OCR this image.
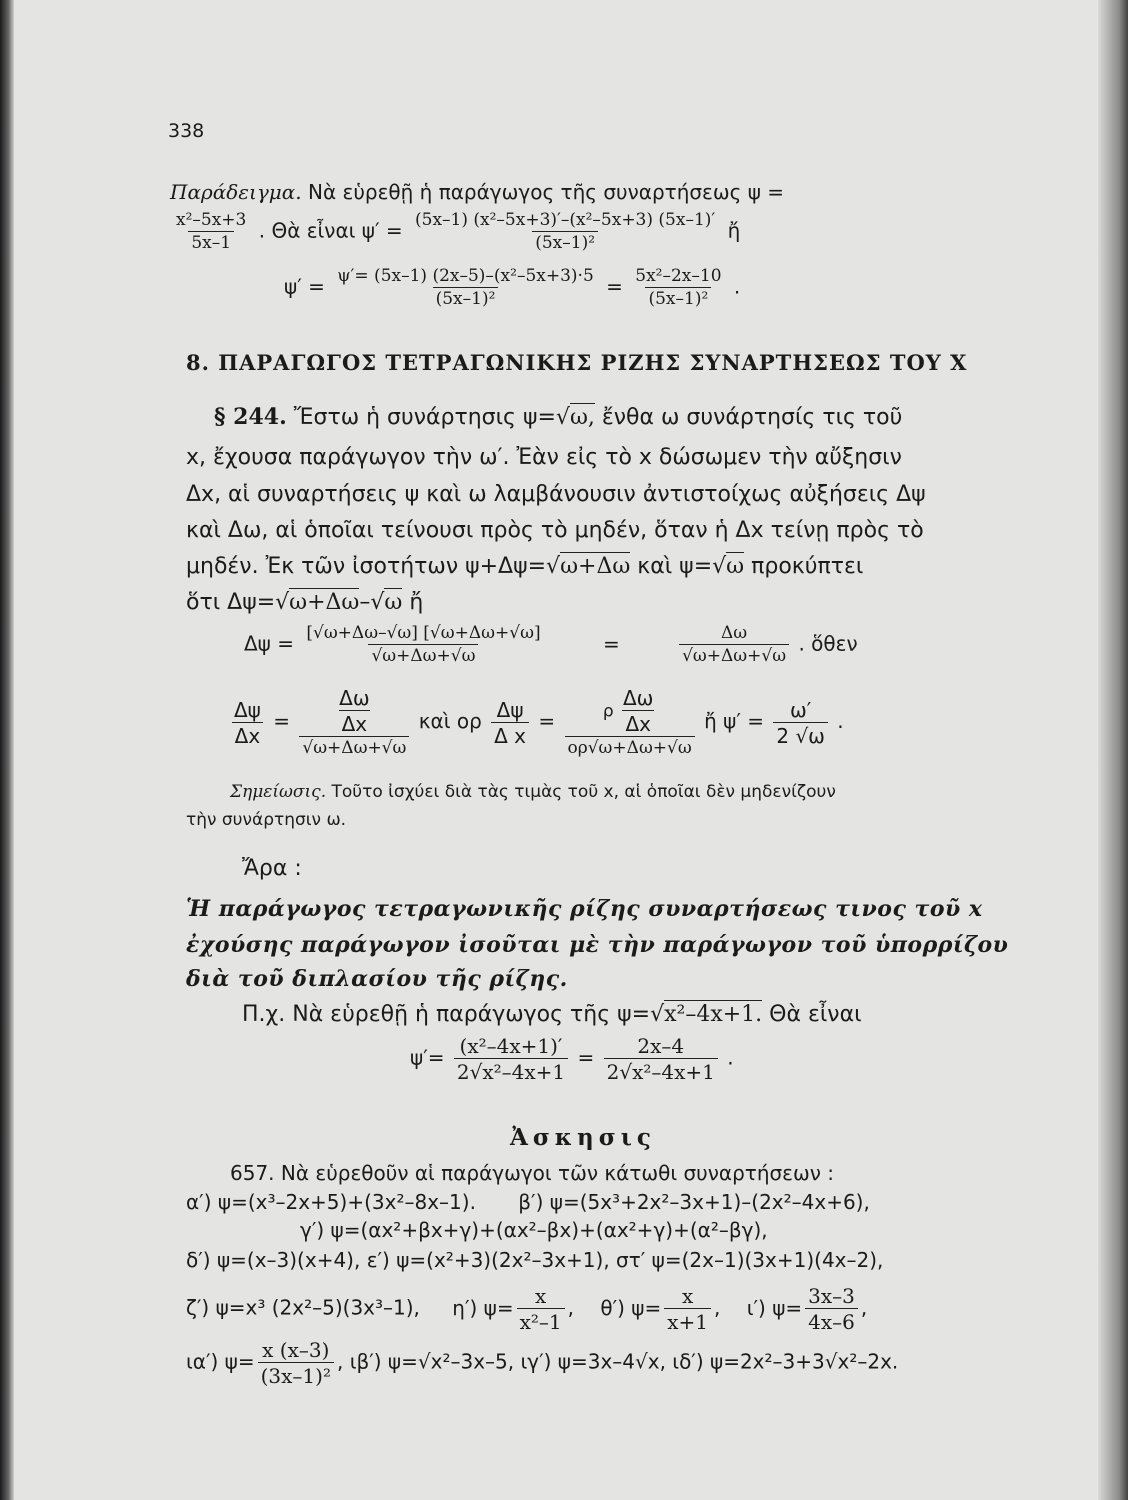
338
Παράδειγμα. Νὰ εὑρεθῇ ἡ παράγωγος τῆς συναρτήσεως ψ =
$\frac{\text{x²–5x+3}}{5x-1}$ . Θὰ εἶναι $\psi' = \frac{\text{(5x–1) (x²–5x+3)′–(x²–5x+3) (5x–1)′}}{\text{(5x–1)²}}$ ἤ
$\psi' = \frac{\text{ψ′= (5x–1) (2x–5)–(x²–5x+3)·5}}{\text{(5x–1)²}} = \frac{\text{5x²–2x–10}}{\text{(5x–1)²}}$ .
8. ΠΑΡΑΓΩΓΟΣ ΤΕΤΡΑΓΩΝΙΚΗΣ ΡΙΖΗΣ ΣΥΝΑΡΤΗΣΕΩΣ ΤΟΥ Χ
§ 244. Ἔστω ἡ συνάρτησις ψ=√ω, ἔνθα ω συνάρτησίς τις τοῦ
x, ἔχουσα παράγωγον τὴν ω′. Ἐὰν εἰς τὸ x δώσωμεν τὴν αὔξησιν
Δx, αἱ συναρτήσεις ψ καὶ ω λαμβάνουσιν ἀντιστοίχως αὐξήσεις Δψ
καὶ Δω, αἱ ὁποῖαι τείνουσι πρὸς τὸ μηδέν, ὅταν ἡ Δx τείνῃ πρὸς τὸ
μηδέν. Ἐκ τῶν ἰσοτήτων ψ+Δψ=√ω+Δω καὶ ψ=√ω προκύπτει
ὅτι Δψ=√ω+Δω–√ω ἤ
$\Delta\psi = \frac{[√\omega+\Delta\omega-√\omega] [√\omega+\Delta\omega+√\omega]}{√\omega+\Delta\omega+√\omega}$	=	$\frac{\Delta\omega}{√\omega+\Delta\omega+√\omega}$ . ὅθεν
$\frac{\Delta\psi}{\Delta x} = \frac{\frac{\Delta\omega}{\Delta x}}{√\omega+\Delta\omega+√\omega}$ καὶ ορ $\frac{\Delta\psi}{\text{Δ x}} = \frac{\rho \frac{\Delta\omega}{\Delta x}}{o\rho√\omega+\Delta\omega+√\omega}$ ἤ $\psi' = \frac{\omega'}{2 √\omega}$ .
Σημείωσις. Τοῦτο ἰσχύει διὰ τὰς τιμὰς τοῦ x, αἱ ὁποῖαι δὲν μηδενίζουν
τὴν συνάρτησιν ω.
Ἄρα :
Ἡ παράγωγος τετραγωνικῆς ρίζης συναρτήσεως τινος τοῦ x
ἐχούσης παράγωγον ἰσοῦται μὲ τὴν παράγωγον τοῦ ὑπορρίζου
διὰ τοῦ διπλασίου τῆς ρίζης.
Π.χ. Νὰ εὑρεθῇ ἡ παράγωγος τῆς ψ=√x²–4x+1. Θὰ εἶναι
$\psi'= \frac{\text{(x²–4x+1)′}}{\text{2√x²–4x+1}} = \frac{2x-4}{\text{2√x²–4x+1}}$ .
Ἀσκησις
657. Νὰ εὑρεθοῦν αἱ παράγωγοι τῶν κάτωθι συναρτήσεων :
α′) ψ=(x³–2x+5)+(3x²–8x–1). β′) ψ=(5x³+2x²–3x+1)–(2x²–4x+6),
γ′) ψ=(αx²+βx+γ)+(αx²–βx)+(αx²+γ)+(α²–βγ),
δ′) ψ=(x–3)(x+4), ε′) ψ=(x²+3)(2x²–3x+1), στ′ ψ=(2x–1)(3x+1)(4x–2),
ζ′) ψ=x³ (2x²–5)(3x³–1), η′) $\psi= \frac{x}{\text{x²–1}}$ , θ′) $\psi= \frac{x}{x+1}$ , ι′) $\psi= \frac{3x-3}{4x-6}$ ,
ια′) $\psi= \frac{x (x-3)}{\text{(3x–1)²}}$ , ιβ′) ψ=√x²–3x–5, ιγ′) ψ=3x–4√x, ιδ′) ψ=2x²–3+3√x²–2x.
